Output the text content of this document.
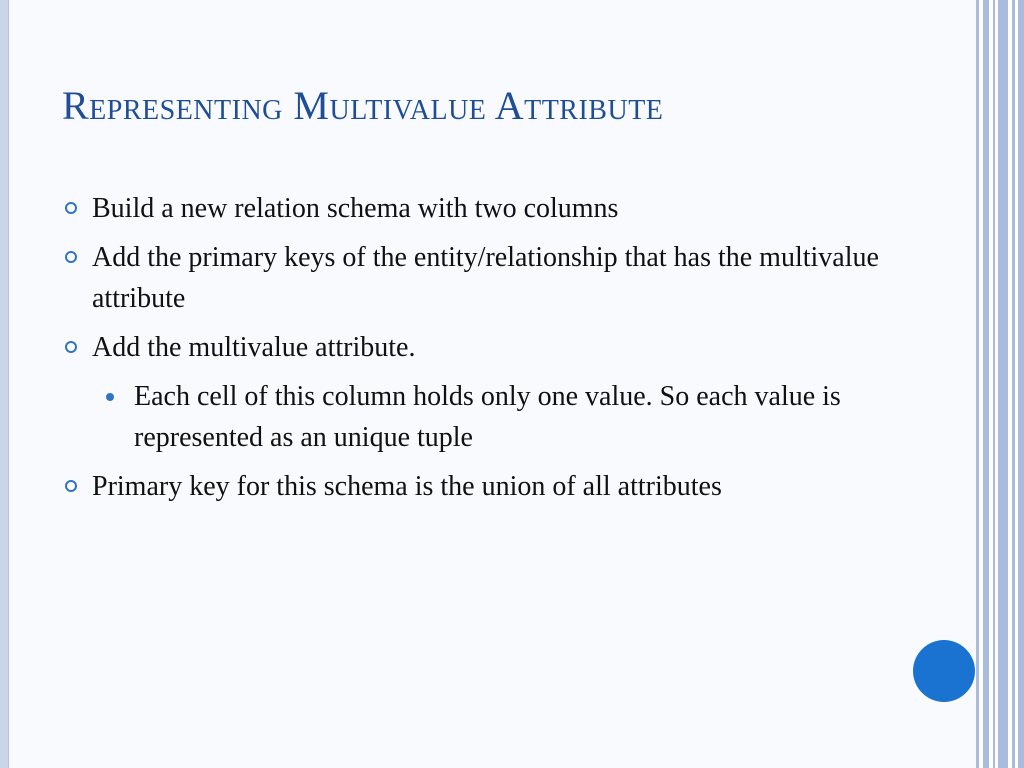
Representing Multivalue Attribute
Build a new relation schema with two columns
Add the primary keys of the entity/relationship that has the multivalue attribute
Add the multivalue attribute.
Each cell of this column holds only one value. So each value is represented as an unique tuple
Primary key for this schema is the union of all attributes
